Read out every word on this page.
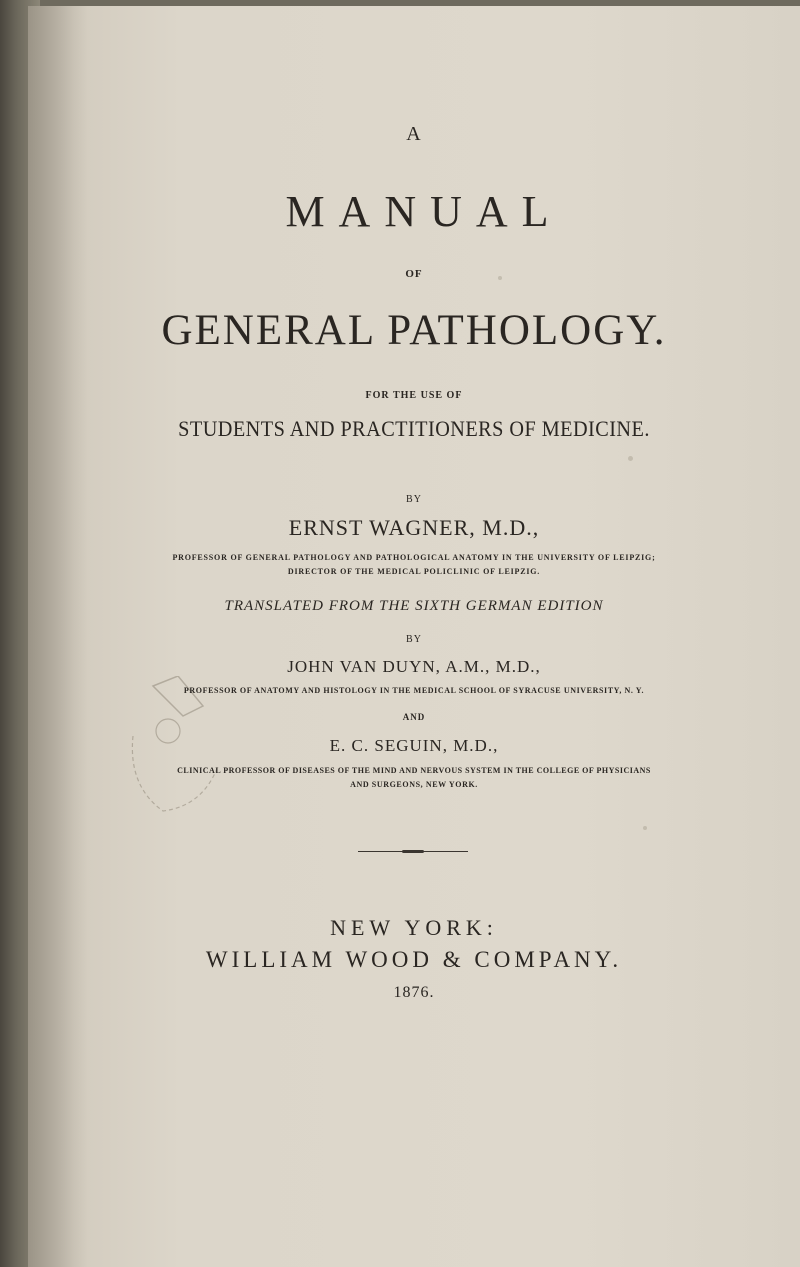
A
MANUAL
OF
GENERAL PATHOLOGY.
FOR THE USE OF
STUDENTS AND PRACTITIONERS OF MEDICINE.
BY
ERNST WAGNER, M.D.,
PROFESSOR OF GENERAL PATHOLOGY AND PATHOLOGICAL ANATOMY IN THE UNIVERSITY OF LEIPZIG;
DIRECTOR OF THE MEDICAL POLICLINIC OF LEIPZIG.
TRANSLATED FROM THE SIXTH GERMAN EDITION
BY
JOHN VAN DUYN, A.M., M.D.,
PROFESSOR OF ANATOMY AND HISTOLOGY IN THE MEDICAL SCHOOL OF SYRACUSE UNIVERSITY, N. Y.
AND
E. C. SEGUIN, M.D.,
CLINICAL PROFESSOR OF DISEASES OF THE MIND AND NERVOUS SYSTEM IN THE COLLEGE OF PHYSICIANS
AND SURGEONS, NEW YORK.
NEW YORK:
WILLIAM WOOD & COMPANY.
1876.
